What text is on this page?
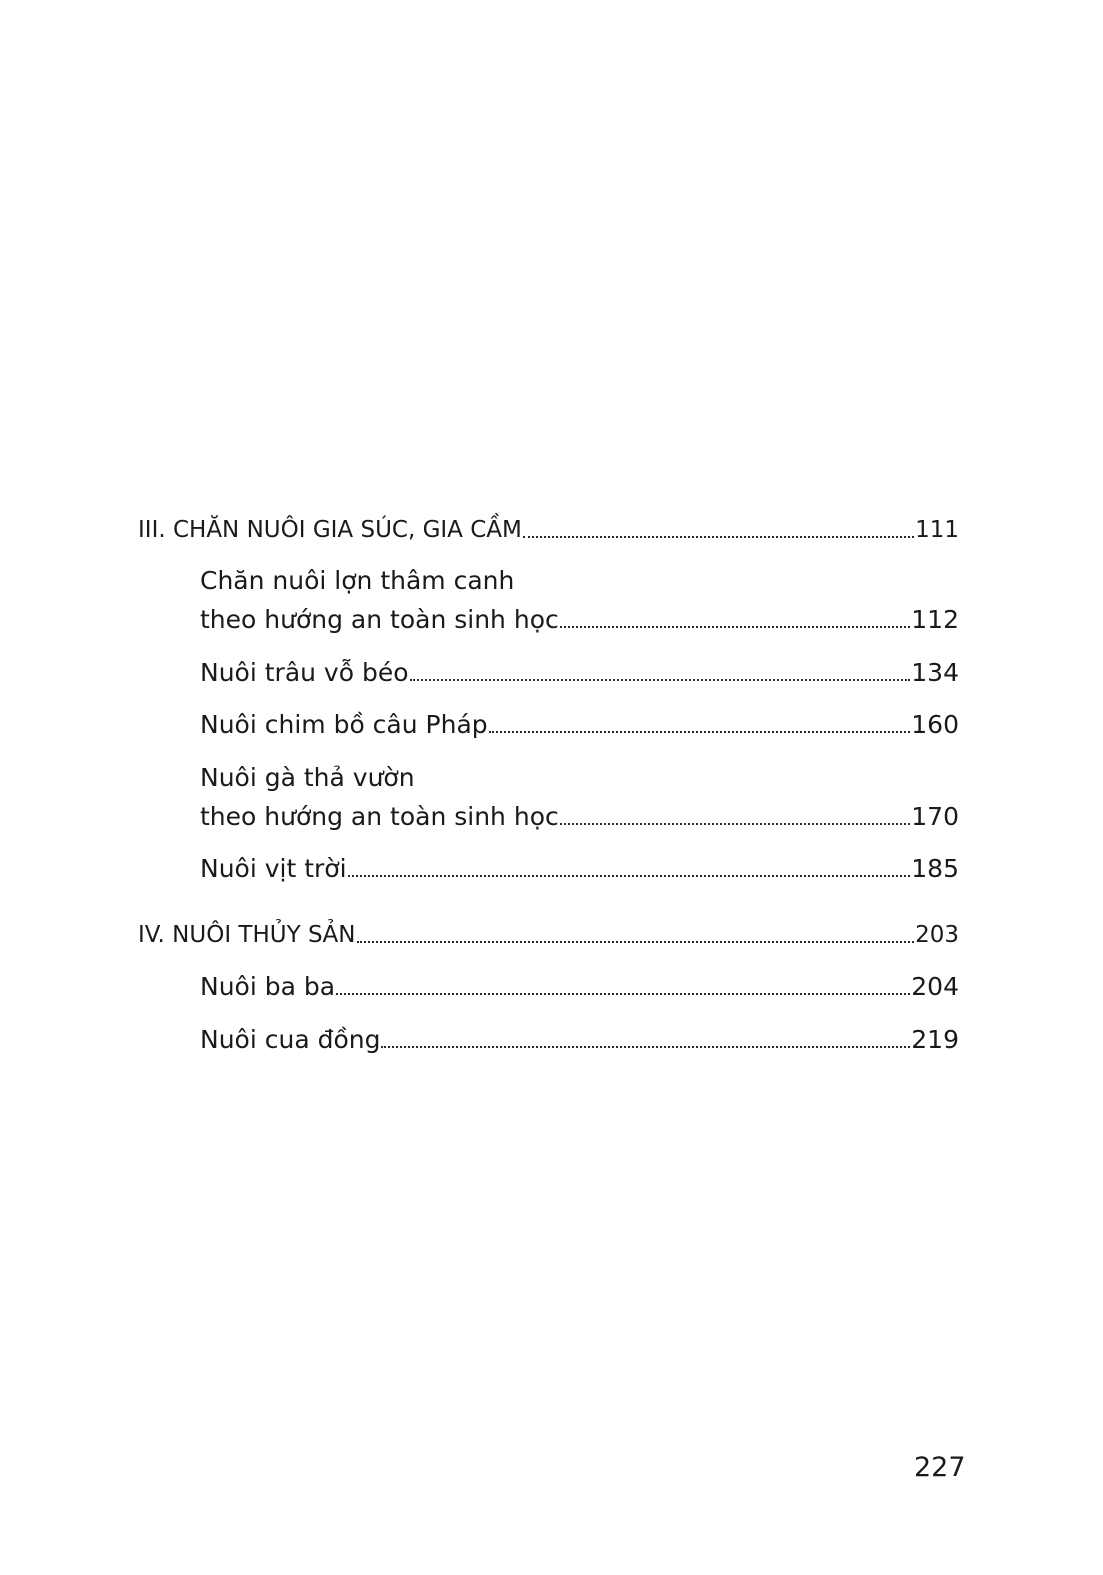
III. CHĂN NUÔI GIA SÚC, GIA CẦM	111
Chăn nuôi lợn thâm canh
theo hướng an toàn sinh học	112
Nuôi trâu vỗ béo	134
Nuôi chim bồ câu Pháp	160
Nuôi gà thả vườn
theo hướng an toàn sinh học	170
Nuôi vịt trời	185
IV. NUÔI THỦY SẢN	203
Nuôi ba ba	204
Nuôi cua đồng	219
227
